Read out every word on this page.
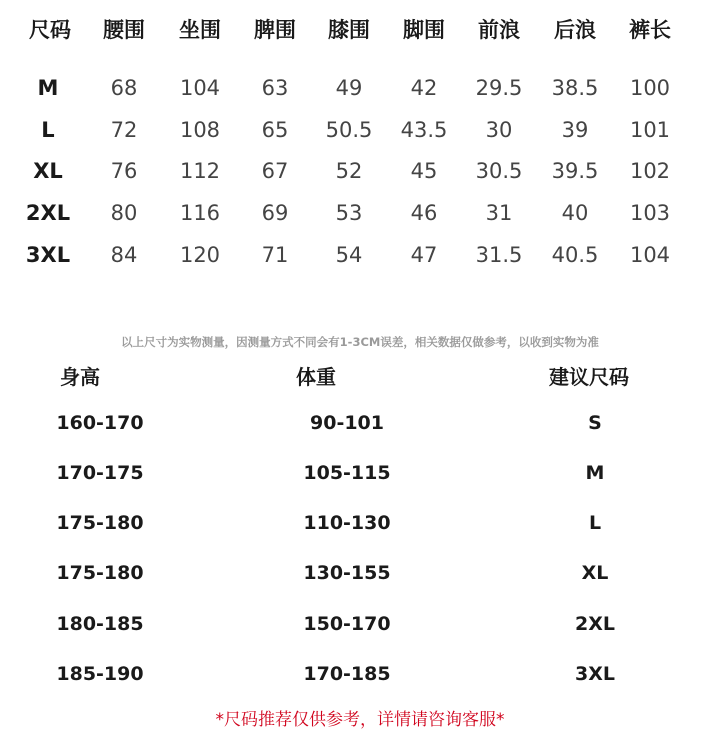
尺码	腰围	坐围	脾围	膝围	脚围	前浪	后浪	裤长
M	68	104	63	49	42	29.5	38.5	100
L	72	108	65	50.5	43.5	30	39	101
XL	76	112	67	52	45	30.5	39.5	102
2XL	80	116	69	53	46	31	40	103
3XL	84	120	71	54	47	31.5	40.5	104
以上尺寸为实物测量，因测量方式不同会有1-3CM误差，相关数据仅做参考，以收到实物为准
身高	体重	建议尺码
160-170	90-101	S
170-175	105-115	M
175-180	110-130	L
175-180	130-155	XL
180-185	150-170	2XL
185-190	170-185	3XL
*尺码推荐仅供参考，详情请咨询客服*
